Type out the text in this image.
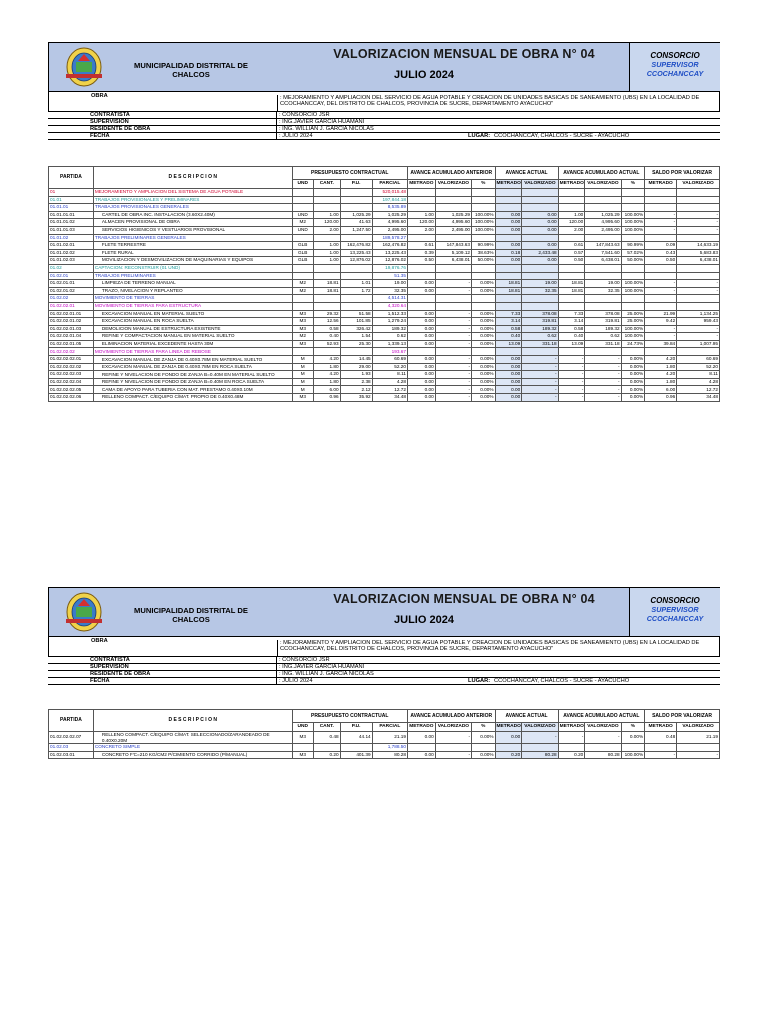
MUNICIPALIDAD DISTRITAL DE CHALCOS
VALORIZACION MENSUAL DE OBRA N° 04
JULIO 2024
CONSORCIO
SUPERVISOR
CCOCHANCCAY
OBRA	: MEJORAMIENTO Y AMPLIACION DEL SERVICIO DE AGUA POTABLE Y CREACION DE UNIDADES BASICAS DE SANEAMIENTO (UBS) EN LA LOCALIDAD DE CCOCHANCCAY, DEL DISTRITO DE CHALCOS, PROVINCIA DE SUCRE, DEPARTAMENTO AYACUCHO"
CONTRATISTA	: CONSORCIO JSR
SUPERVISION	: ING.JAVIER GARCIA HUAMANI
RESIDENTE DE OBRA	: ING. WILLIAN J. GARCIA NICOLAS
FECHA	: JULIO 2024	LUGAR: CCOCHANCCAY, CHALCOS - SUCRE - AYACUCHO
PARTIDA	D E S C R I P C I O N	PRESUPUESTO CONTRACTUAL				AVANCE ACUMULADO ANTERIOR			AVANCE ACTUAL		AVANCE ACUMULADO ACTUAL			SALDO POR VALORIZAR	
		UND	CANT.	P.U.	PARCIAL	METRADO	VALORIZADO	%	METRADO	VALORIZADO	METRADO	VALORIZADO	%	METRADO	VALORIZADO
01	MEJORAMIENTO Y AMPLIACION DEL SISTEMA DE AGUA POTABLE				520,015.48										
01.01	TRABAJOS PROVISIONALES Y PRELIMINARES				197,844.18										
01.01.01	TRABAJOS PROVISIONALES GENERALES				8,535.89										
01.01.01.01	CARTEL DE OBRA INC. INSTALACION (3.60X2.40M)	UND	1.00	1,025.29	1,025.29	1.00	1,025.29	100.00%	0.00	0.00	1.00	1,025.29	100.00%	-	-
01.01.01.02	ALMACEN PROVISIONAL DE OBRA	M2	120.00	41.63	4,995.60	120.00	4,995.60	100.00%	0.00	0.00	120.00	4,995.60	100.00%	-	-
01.01.01.03	SERVICIOS HIGIENICOS Y VESTUARIOS PROVISIONAL	UND	2.00	1,247.50	2,495.00	2.00	2,495.00	100.00%	0.00	0.00	2.00	2,495.00	100.00%	-	-
01.01.02	TRABAJOS PRELIMINARES GENERALES				189,578.27										
01.01.02.01	FLETE TERRESTRE	GLB	1.00	162,476.82	162,476.82	0.61	147,843.63	90.99%	0.00	0.00	0.61	147,843.63	90.99%	0.09	14,633.19
01.01.02.02	FLETE RURAL	GLB	1.00	13,225.43	13,225.43	0.39	5,109.12	38.63%	0.18	2,433.48	0.57	7,541.60	57.02%	0.43	5,683.83
01.01.02.03	MOVILIZACION Y DESMOVILIZACION DE MAQUINARIAS Y EQUIPOS	GLB	1.00	12,876.02	12,876.02	0.50	6,438.01	50.00%	0.00	0.00	0.50	6,438.01	50.00%	0.50	6,438.01
01.02	CAPTACION: RECONSTRUIR (01 UND)				19,876.76										
01.02.01	TRABAJOS PRELIMINARES				51.35										
01.02.01.01	LIMPIEZA DE TERRENO MANUAL	M2	18.81	1.01	19.00	0.00	-	0.00%	18.81	19.00	18.81	19.00	100.00%	-	-
01.02.01.02	TRAZO, NIVELACION Y REPLANTEO	M2	18.81	1.72	32.35	0.00	-	0.00%	18.81	32.35	18.81	32.35	100.00%	-	-
01.02.02	MOVIMIENTO DE TIERRAS				4,514.31										
01.02.02.01	MOVIMIENTO DE TIERRAS PARA ESTRUCTURA				4,320.64										
01.02.02.01.01	EXCAVACION MANUAL EN MATERIAL SUELTO	M3	29.32	51.58	1,512.33	0.00	-	0.00%	7.33	378.08	7.33	378.08	25.00%	21.99	1,134.25
01.02.02.01.02	EXCAVACION MANUAL EN ROCA SUELTA	M3	12.56	101.85	1,279.24	0.00	-	0.00%	3.14	319.81	3.14	319.81	25.00%	9.42	959.43
01.02.02.01.03	DEMOLICION MANUAL DE ESTRUCTURA EXISTENTE	M3	0.58	326.42	189.32	0.00	-	0.00%	0.58	189.32	0.58	189.32	100.00%	-	-
01.02.02.01.04	REFINE Y COMPACTACION MANUAL EN MATERIAL SUELTO	M2	0.40	1.54	0.62	0.00	-	0.00%	0.40	0.62	0.40	0.62	100.00%	-	-
01.02.02.01.05	ELIMINACION MATERIAL EXCEDENTE HASTA 30M	M3	52.93	25.30	1,339.13	0.00	-	0.00%	13.09	331.18	13.09	331.18	24.73%	39.84	1,007.95
01.02.02.02	MOVIMIENTO DE TIERRAS PARA LINEA DE REBOSE				193.67										
01.02.02.02.01	EXCAVACION MANUAL DE ZANJA DE 0.40X0.78M EN MATERIAL SUELTO	M	4.20	14.45	60.69	0.00	-	0.00%	0.00	-	-	-	0.00%	4.20	60.69
01.02.02.02.02	EXCAVACION MANUAL DE ZANJA DE 0.40X0.78M EN ROCA SUELTA	M	1.80	29.00	52.20	0.00	-	0.00%	0.00	-	-	-	0.00%	1.80	52.20
01.02.02.02.03	REFINE Y NIVELACION DE FONDO DE ZANJA B=0.40M EN MATERIAL SUELTO	M	4.20	1.93	8.11	0.00	-	0.00%	0.00	-	-	-	0.00%	4.20	8.11
01.02.02.02.04	REFINE Y NIVELACION DE FONDO DE ZANJA B=0.40M EN ROCA SUELTA	M	1.80	2.38	4.28	0.00	-	0.00%	0.00	-	-	-	0.00%	1.80	4.28
01.02.02.02.05	CAMA DE APOYO PARA TUBERIA CON MAT. PRESTAMO 0.40X0.10M	M	6.00	2.12	12.72	0.00	-	0.00%	0.00	-	-	-	0.00%	6.00	12.72
01.02.02.02.06	RELLENO COMPACT. C/EQUIPO C/MAT. PROPIO DE 0.40X0.48M	M3	0.96	35.92	34.48	0.00	-	0.00%	0.00	-	-	-	0.00%	0.96	34.48
MUNICIPALIDAD DISTRITAL DE CHALCOS
VALORIZACION MENSUAL DE OBRA N° 04
JULIO 2024
CONSORCIO
SUPERVISOR
CCOCHANCCAY
OBRA	: MEJORAMIENTO Y AMPLIACION DEL SERVICIO DE AGUA POTABLE Y CREACION DE UNIDADES BASICAS DE SANEAMIENTO (UBS) EN LA LOCALIDAD DE CCOCHANCCAY, DEL DISTRITO DE CHALCOS, PROVINCIA DE SUCRE, DEPARTAMENTO AYACUCHO"
CONTRATISTA	: CONSORCIO JSR
SUPERVISION	: ING.JAVIER GARCIA HUAMANI
RESIDENTE DE OBRA	: ING. WILLIAN J. GARCIA NICOLAS
FECHA	: JULIO 2024	LUGAR: CCOCHANCCAY, CHALCOS - SUCRE - AYACUCHO
PARTIDA	D E S C R I P C I O N	PRESUPUESTO CONTRACTUAL				AVANCE ACUMULADO ANTERIOR			AVANCE ACTUAL		AVANCE ACUMULADO ACTUAL			SALDO POR VALORIZAR	
		UND	CANT.	P.U.	PARCIAL	METRADO	VALORIZADO	%	METRADO	VALORIZADO	METRADO	VALORIZADO	%	METRADO	VALORIZADO
01.02.02.02.07	RELLENO COMPACT. C/EQUIPO C/MAT. SELECCIONADO/ZARANDEADO DE 0.40X0.20M	M3	0.48	44.14	21.19	0.00	-	0.00%	0.00	-	-	-	0.00%	0.48	21.19
01.02.03	CONCRETO SIMPLE				1,788.50										
01.02.03.01	CONCRETO F'C=210 KG/CM2 P/CIMIENTO CORRIDO (P/MANUAL)	M3	0.20	401.39	80.28	0.00	-	0.00%	0.20	80.28	0.20	80.28	100.00%	-	-
